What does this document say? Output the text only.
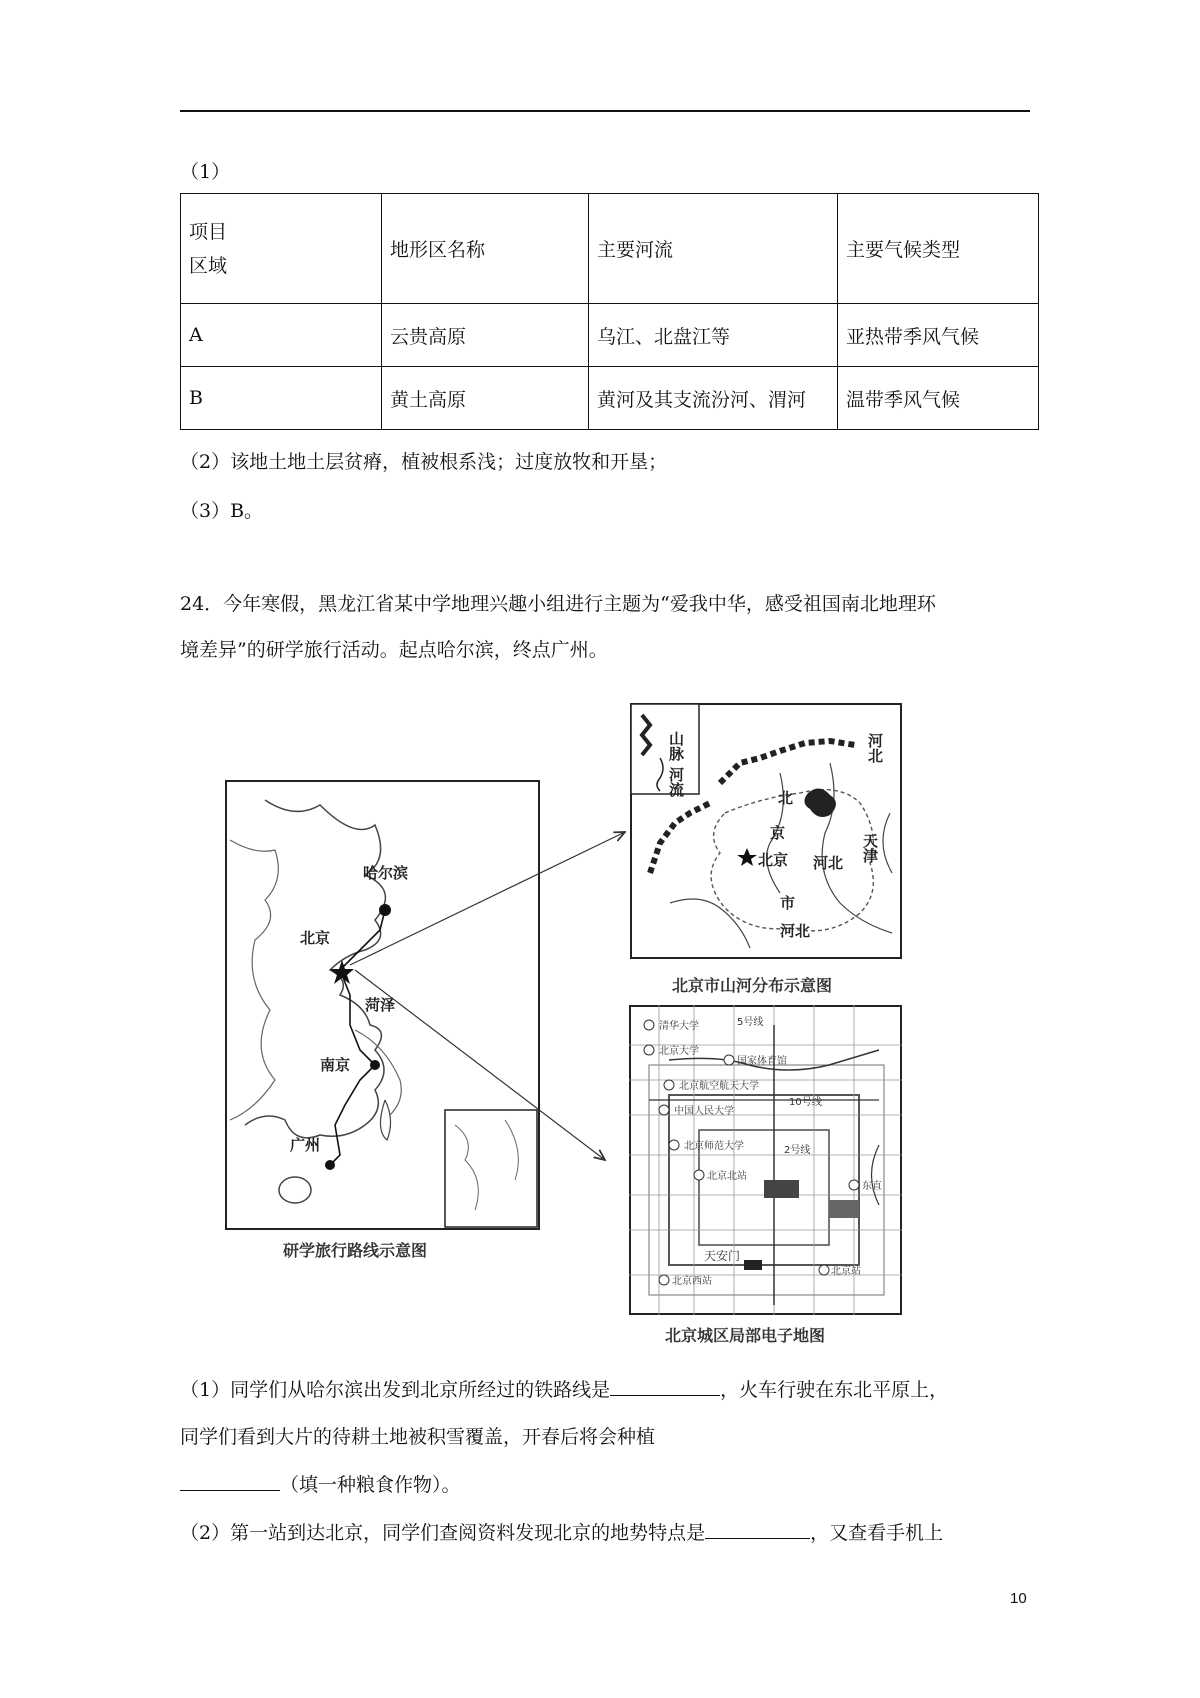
（1）
项目
区域	地形区名称	主要河流	主要气候类型
A	云贵高原	乌江、北盘江等	亚热带季风气候
B	黄土高原	黄河及其支流汾河、渭河	温带季风气候
（2）该地土地土层贫瘠，植被根系浅；过度放牧和开垦；
（3）B。
24．今年寒假，黑龙江省某中学地理兴趣小组进行主题为“爱我中华，感受祖国南北地理环
境差异”的研学旅行活动。起点哈尔滨，终点广州。
哈尔滨
北京
菏泽
南京
广州
研学旅行路线示意图
山脉
河流
河北
北
京
北京
市
河北
河北
天津
北京市山河分布示意图
清华大学
北京大学
国家体育馆
北京航空航天大学
中国人民大学
北京师范大学
北京北站
东直
5号线
10号线
2号线
天安门
北京站
北京西站
北京城区局部电子地图
（1）同学们从哈尔滨出发到北京所经过的铁路线是	，火车行驶在东北平原上，
同学们看到大片的待耕土地被积雪覆盖，开春后将会种植
（填一种粮食作物）。
（2）第一站到达北京，同学们查阅资料发现北京的地势特点是	，又查看手机上
10
